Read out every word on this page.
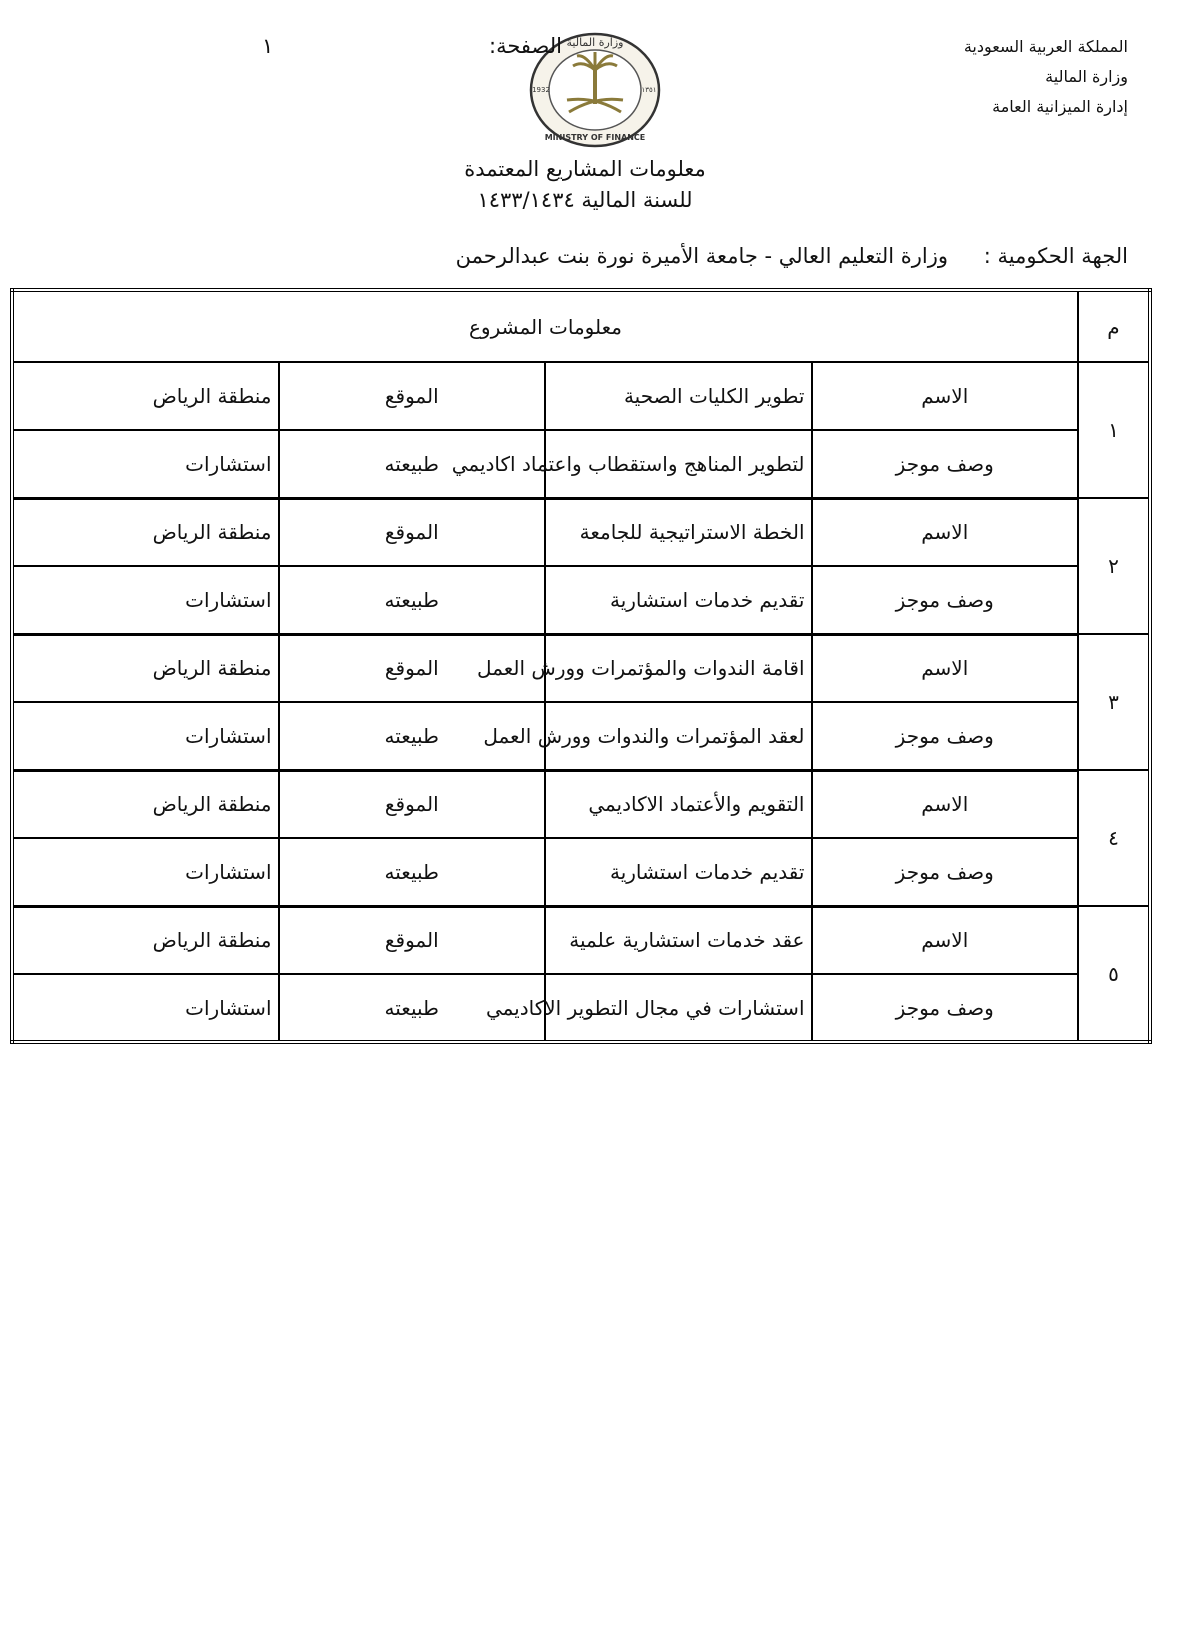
المملكة العربية السعودية
وزارة المالية
إدارة الميزانية العامة
وزارة المالية
MINISTRY OF FINANCE
1932	١٣٥١
الصفحة:
١
معلومات المشاريع المعتمدة
للسنة المالية ١٤٣٣/١٤٣٤
الجهة الحكومية :
وزارة التعليم العالي - جامعة الأميرة نورة بنت عبدالرحمن
م	معلومات المشروع			
١	الاسم	تطوير الكليات الصحية	الموقع	منطقة الرياض
	وصف موجز	لتطوير المناهج واستقطاب واعتماد اكاديمي	طبيعته	استشارات
٢	الاسم	الخطة الاستراتيجية للجامعة	الموقع	منطقة الرياض
	وصف موجز	تقديم خدمات استشارية	طبيعته	استشارات
٣	الاسم	اقامة الندوات والمؤتمرات وورش العمل	الموقع	منطقة الرياض
	وصف موجز	لعقد المؤتمرات والندوات وورش العمل	طبيعته	استشارات
٤	الاسم	التقويم والأعتماد الاكاديمي	الموقع	منطقة الرياض
	وصف موجز	تقديم خدمات استشارية	طبيعته	استشارات
٥	الاسم	عقد خدمات استشارية علمية	الموقع	منطقة الرياض
	وصف موجز	استشارات في مجال التطوير الاكاديمي	طبيعته	استشارات
